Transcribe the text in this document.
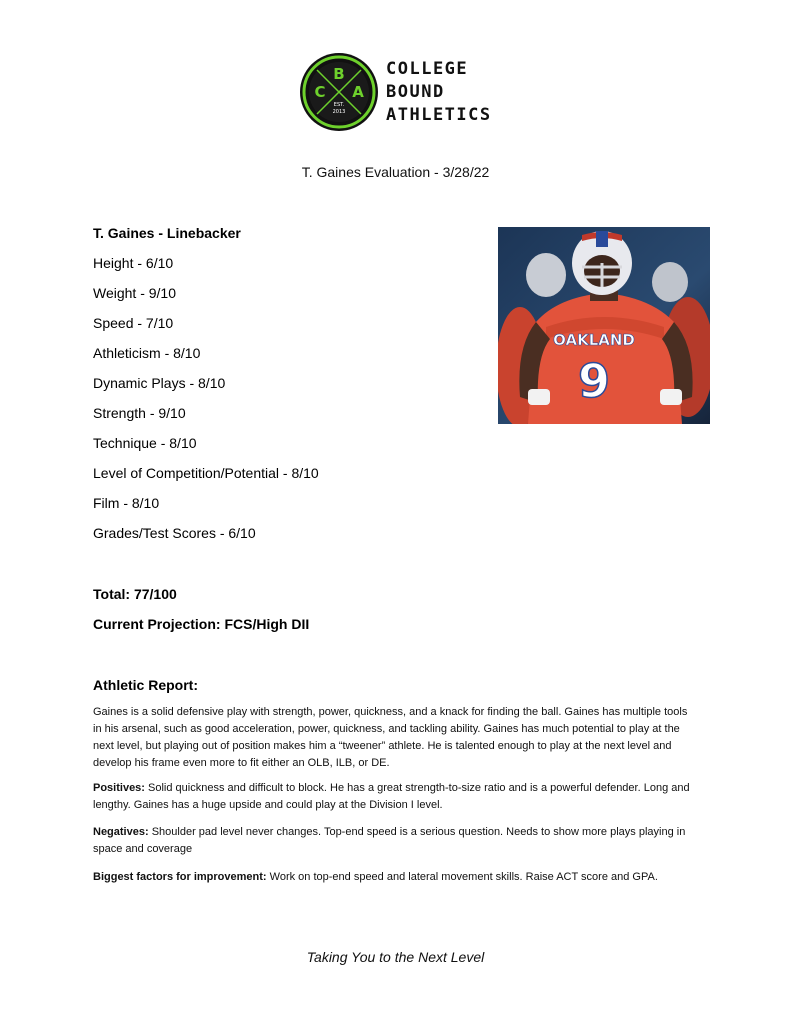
B
C A
EST.
2013
COLLEGE
BOUND
ATHLETICS
T. Gaines Evaluation - 3/28/22
T. Gaines - Linebacker
Height - 6/10
Weight - 9/10
Speed - 7/10
Athleticism - 8/10
Dynamic Plays - 8/10
Strength - 9/10
Technique - 8/10
Level of Competition/Potential - 8/10
Film - 8/10
Grades/Test Scores - 6/10
OAKLAND
9
Total: 77/100
Current Projection: FCS/High DII
Athletic Report:
Gaines is a solid defensive play with strength, power, quickness, and a knack for finding the ball. Gaines has multiple tools in his arsenal, such as good acceleration, power, quickness, and tackling ability. Gaines has much potential to play at the next level, but playing out of position makes him a “tweener” athlete. He is talented enough to play at the next level and develop his frame even more to fit either an OLB, ILB, or DE.
Positives: Solid quickness and difficult to block. He has a great strength-to-size ratio and is a powerful defender. Long and lengthy. Gaines has a huge upside and could play at the Division I level.
Negatives: Shoulder pad level never changes. Top-end speed is a serious question. Needs to show more plays playing in space and coverage
Biggest factors for improvement: Work on top-end speed and lateral movement skills. Raise ACT score and GPA.
Taking You to the Next Level
